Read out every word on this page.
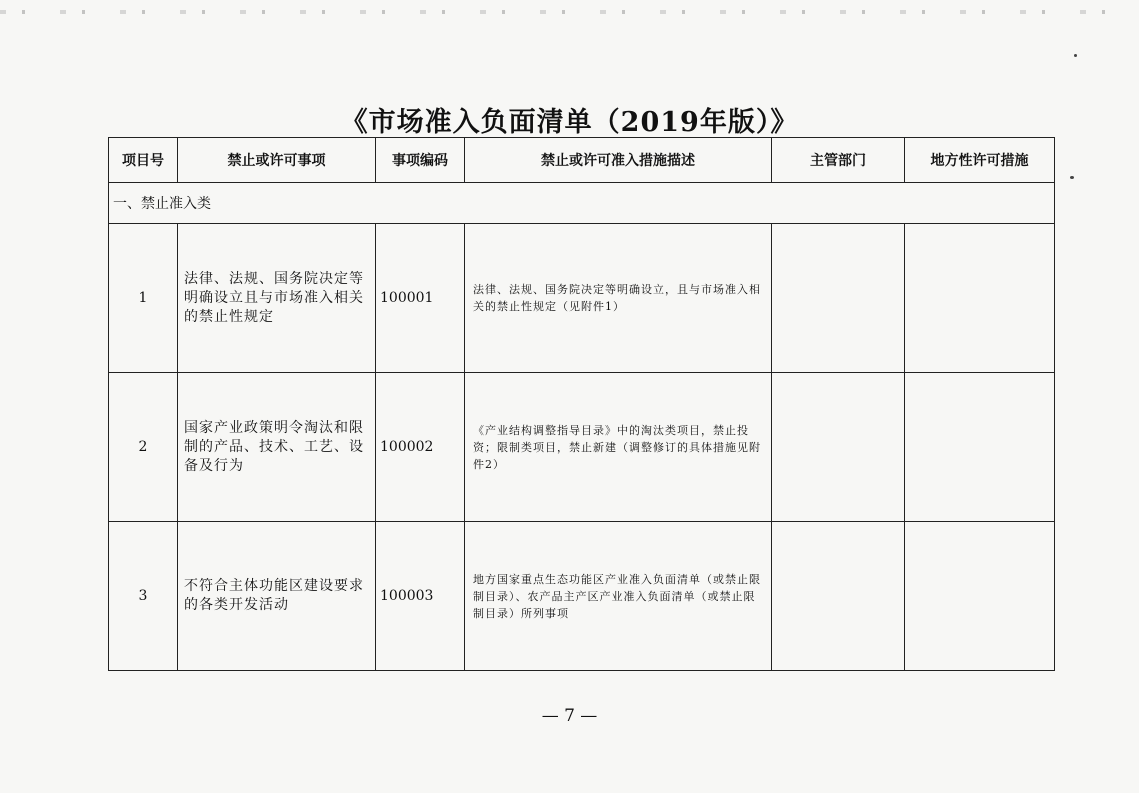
《市场准入负面清单（2019年版）》
项目号	禁止或许可事项	事项编码	禁止或许可准入措施描述	主管部门	地方性许可措施
一、禁止准入类					
1	法律、法规、国务院决定等明确设立且与市场准入相关的禁止性规定	100001	法律、法规、国务院决定等明确设立，且与市场准入相关的禁止性规定（见附件1）		
2	国家产业政策明令淘汰和限制的产品、技术、工艺、设备及行为	100002	《产业结构调整指导目录》中的淘汰类项目，禁止投资；限制类项目，禁止新建（调整修订的具体措施见附件2）		
3	不符合主体功能区建设要求的各类开发活动	100003	地方国家重点生态功能区产业准入负面清单（或禁止限制目录）、农产品主产区产业准入负面清单（或禁止限制目录）所列事项		
— 7 —
